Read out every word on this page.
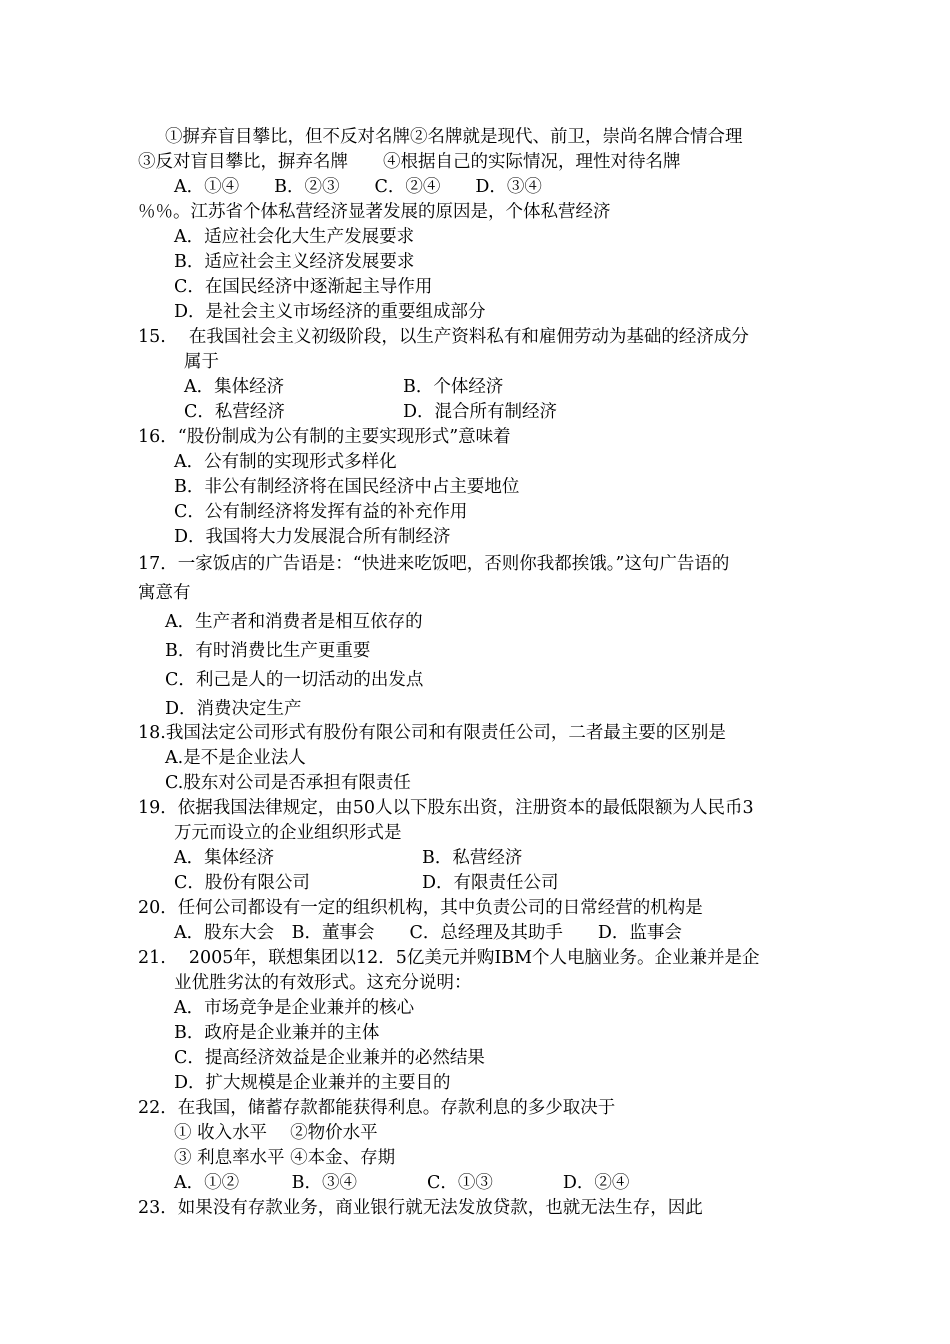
①摒弃盲目攀比，但不反对名牌②名牌就是现代、前卫，崇尚名牌合情合理
③反对盲目攀比，摒弃名牌　　④根据自己的实际情况，理性对待名牌
A．①④　　B．②③　　C．②④　　D．③④
％％。江苏省个体私营经济显著发展的原因是，个体私营经济
A．适应社会化大生产发展要求
B．适应社会主义经济发展要求
C．在国民经济中逐渐起主导作用
D．是社会主义市场经济的重要组成部分
15.　 在我国社会主义初级阶段，以生产资料私有和雇佣劳动为基础的经济成分
属于
A．集体经济	B．个体经济
C．私营经济	D．混合所有制经济
16．“股份制成为公有制的主要实现形式”意味着
A．公有制的实现形式多样化
B．非公有制经济将在国民经济中占主要地位
C．公有制经济将发挥有益的补充作用
D．我国将大力发展混合所有制经济
17．一家饭店的广告语是：“快进来吃饭吧，否则你我都挨饿。”这句广告语的
寓意有
A．生产者和消费者是相互依存的
B．有时消费比生产更重要
C．利己是人的一切活动的出发点
D．消费决定生产
18.我国法定公司形式有股份有限公司和有限责任公司，二者最主要的区别是
A.是不是企业法人
C.股东对公司是否承担有限责任
19．依据我国法律规定，由50人以下股东出资，注册资本的最低限额为人民币3
万元而设立的企业组织形式是
A．集体经济	B．私营经济
C．股份有限公司	D．有限责任公司
20．任何公司都设有一定的组织机构，其中负责公司的日常经营的机构是
A．股东大会　B．董事会　　C．总经理及其助手　　D．监事会
21.　 2005年，联想集团以12．5亿美元并购IBM个人电脑业务。企业兼并是企
业优胜劣汰的有效形式。这充分说明：
A．市场竞争是企业兼并的核心
B．政府是企业兼并的主体
C．提高经济效益是企业兼并的必然结果
D．扩大规模是企业兼并的主要目的
22．在我国，储蓄存款都能获得利息。存款利息的多少取决于
① 收入水平　 ②物价水平
③ 利息率水平 ④本金、存期
A．①②　　　B．③④　　　　C．①③　　　　D．②④
23．如果没有存款业务，商业银行就无法发放贷款，也就无法生存，因此
